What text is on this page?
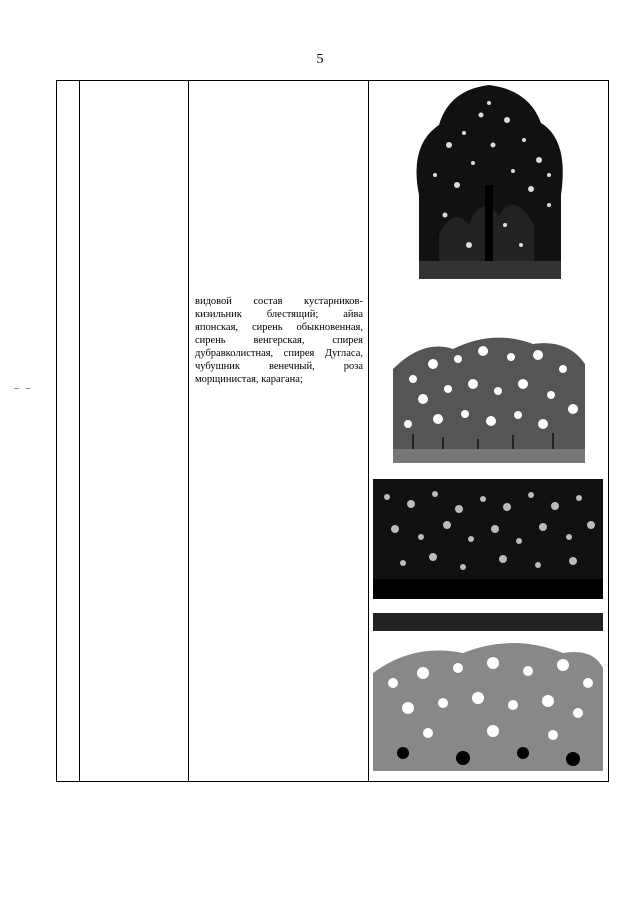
5
– –
видовой состав кустарников- кизильник блестящий; айва японская, сирень обыкновенная, сирень венгерская, спирея дубравколистная, спирея Дугласа, чубушник венечный, роза морщинистая, карагана;
